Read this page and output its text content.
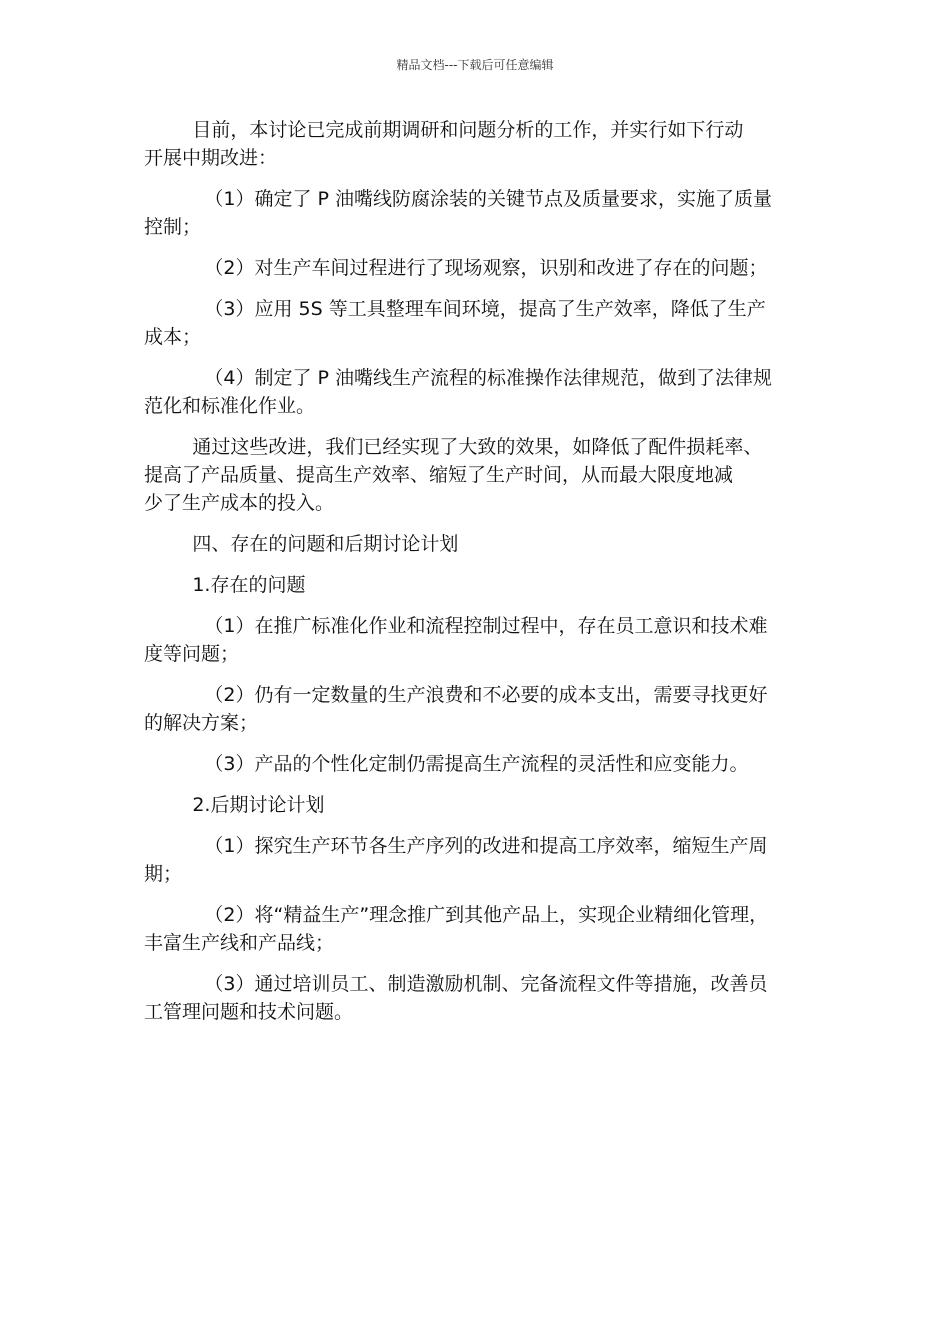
精品文档---下载后可任意编辑

目前，本讨论已完成前期调研和问题分析的工作，并实行如下行动
开展中期改进：

（1）确定了 P 油嘴线防腐涂装的关键节点及质量要求，实施了质量
控制；

（2）对生产车间过程进行了现场观察，识别和改进了存在的问题；

（3）应用 5S 等工具整理车间环境，提高了生产效率，降低了生产
成本；

（4）制定了 P 油嘴线生产流程的标准操作法律规范，做到了法律规
范化和标准化作业。

通过这些改进，我们已经实现了大致的效果，如降低了配件损耗率、
提高了产品质量、提高生产效率、缩短了生产时间，从而最大限度地减
少了生产成本的投入。

四、存在的问题和后期讨论计划

1.存在的问题

（1）在推广标准化作业和流程控制过程中，存在员工意识和技术难
度等问题；

（2）仍有一定数量的生产浪费和不必要的成本支出，需要寻找更好
的解决方案；

（3）产品的个性化定制仍需提高生产流程的灵活性和应变能力。

2.后期讨论计划

（1）探究生产环节各生产序列的改进和提高工序效率，缩短生产周
期；

（2）将“精益生产”理念推广到其他产品上，实现企业精细化管理，
丰富生产线和产品线；

（3）通过培训员工、制造激励机制、完备流程文件等措施，改善员
工管理问题和技术问题。
